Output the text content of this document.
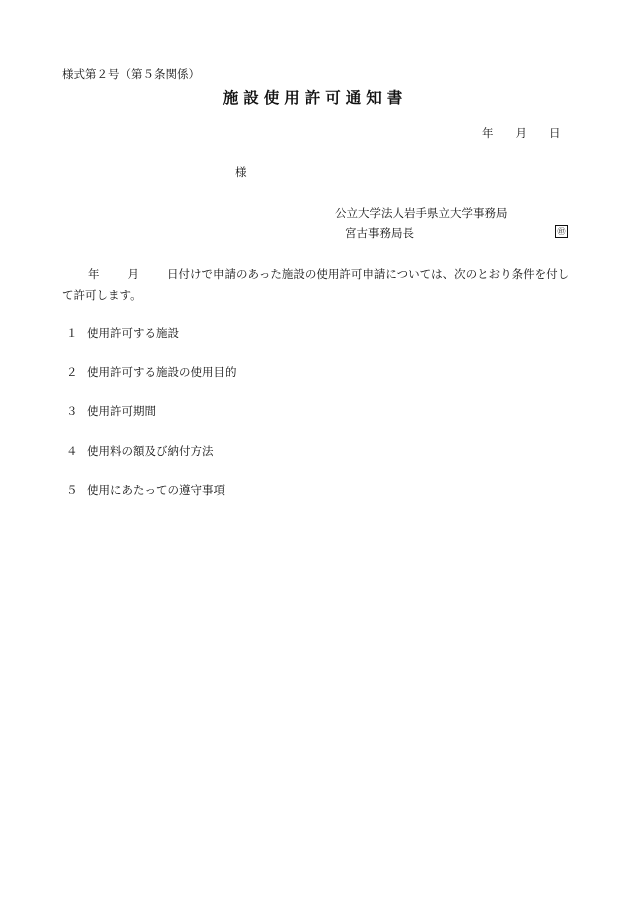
様式第２号（第５条関係）
施設使用許可通知書
年 月 日
様
公立大学法人岩手県立大学事務局
宮古事務局長	㊞
年 月 日付けで申請のあった施設の使用許可申請については、次のとおり条件を付して許可します。
１ 使用許可する施設
２ 使用許可する施設の使用目的
３ 使用許可期間
４ 使用料の額及び納付方法
５ 使用にあたっての遵守事項
